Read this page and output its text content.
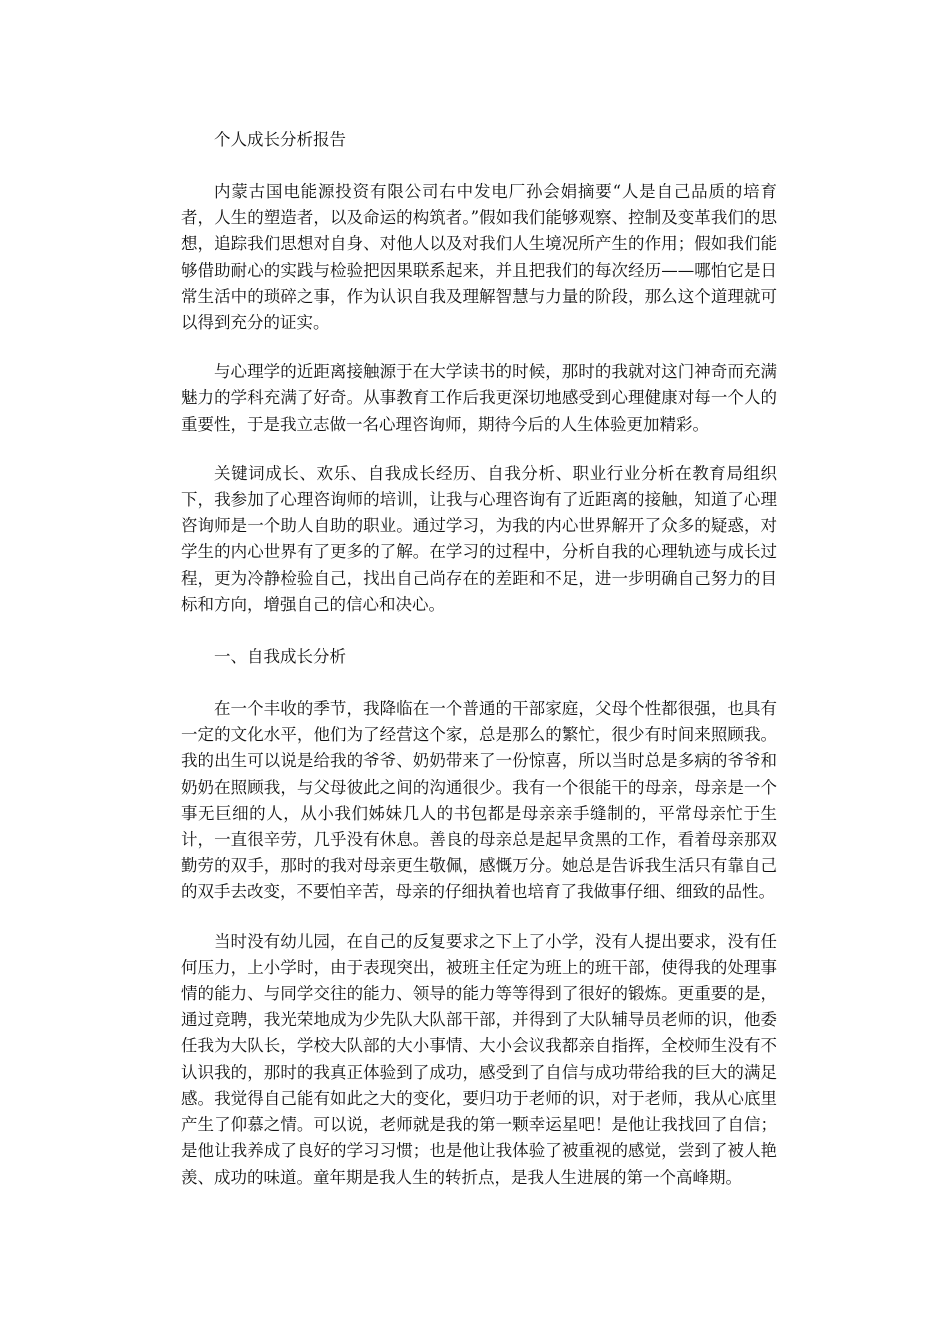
个人成长分析报告

内蒙古国电能源投资有限公司右中发电厂孙会娟摘要“人是自己品质的培育者，人生的塑造者，以及命运的构筑者。”假如我们能够观察、控制及变革我们的思想，追踪我们思想对自身、对他人以及对我们人生境况所产生的作用；假如我们能够借助耐心的实践与检验把因果联系起来，并且把我们的每次经历——哪怕它是日常生活中的琐碎之事，作为认识自我及理解智慧与力量的阶段，那么这个道理就可以得到充分的证实。

与心理学的近距离接触源于在大学读书的时候，那时的我就对这门神奇而充满魅力的学科充满了好奇。从事教育工作后我更深切地感受到心理健康对每一个人的重要性，于是我立志做一名心理咨询师，期待今后的人生体验更加精彩。

关键词成长、欢乐、自我成长经历、自我分析、职业行业分析在教育局组织下，我参加了心理咨询师的培训，让我与心理咨询有了近距离的接触，知道了心理咨询师是一个助人自助的职业。通过学习，为我的内心世界解开了众多的疑惑，对学生的内心世界有了更多的了解。在学习的过程中，分析自我的心理轨迹与成长过程，更为冷静检验自己，找出自己尚存在的差距和不足，进一步明确自己努力的目标和方向，增强自己的信心和决心。

一、自我成长分析

在一个丰收的季节，我降临在一个普通的干部家庭，父母个性都很强，也具有一定的文化水平，他们为了经营这个家，总是那么的繁忙，很少有时间来照顾我。我的出生可以说是给我的爷爷、奶奶带来了一份惊喜，所以当时总是多病的爷爷和奶奶在照顾我，与父母彼此之间的沟通很少。我有一个很能干的母亲，母亲是一个事无巨细的人，从小我们姊妹几人的书包都是母亲亲手缝制的，平常母亲忙于生计，一直很辛劳，几乎没有休息。善良的母亲总是起早贪黑的工作，看着母亲那双勤劳的双手，那时的我对母亲更生敬佩，感慨万分。她总是告诉我生活只有靠自己的双手去改变，不要怕辛苦，母亲的仔细执着也培育了我做事仔细、细致的品性。

当时没有幼儿园，在自己的反复要求之下上了小学，没有人提出要求，没有任何压力，上小学时，由于表现突出，被班主任定为班上的班干部，使得我的处理事情的能力、与同学交往的能力、领导的能力等等得到了很好的锻炼。更重要的是，通过竞聘，我光荣地成为少先队大队部干部，并得到了大队辅导员老师的识，他委任我为大队长，学校大队部的大小事情、大小会议我都亲自指挥，全校师生没有不认识我的，那时的我真正体验到了成功，感受到了自信与成功带给我的巨大的满足感。我觉得自己能有如此之大的变化，要归功于老师的识，对于老师，我从心底里产生了仰慕之情。可以说，老师就是我的第一颗幸运星吧！是他让我找回了自信；是他让我养成了良好的学习习惯；也是他让我体验了被重视的感觉，尝到了被人艳羡、成功的味道。童年期是我人生的转折点，是我人生进展的第一个高峰期。
